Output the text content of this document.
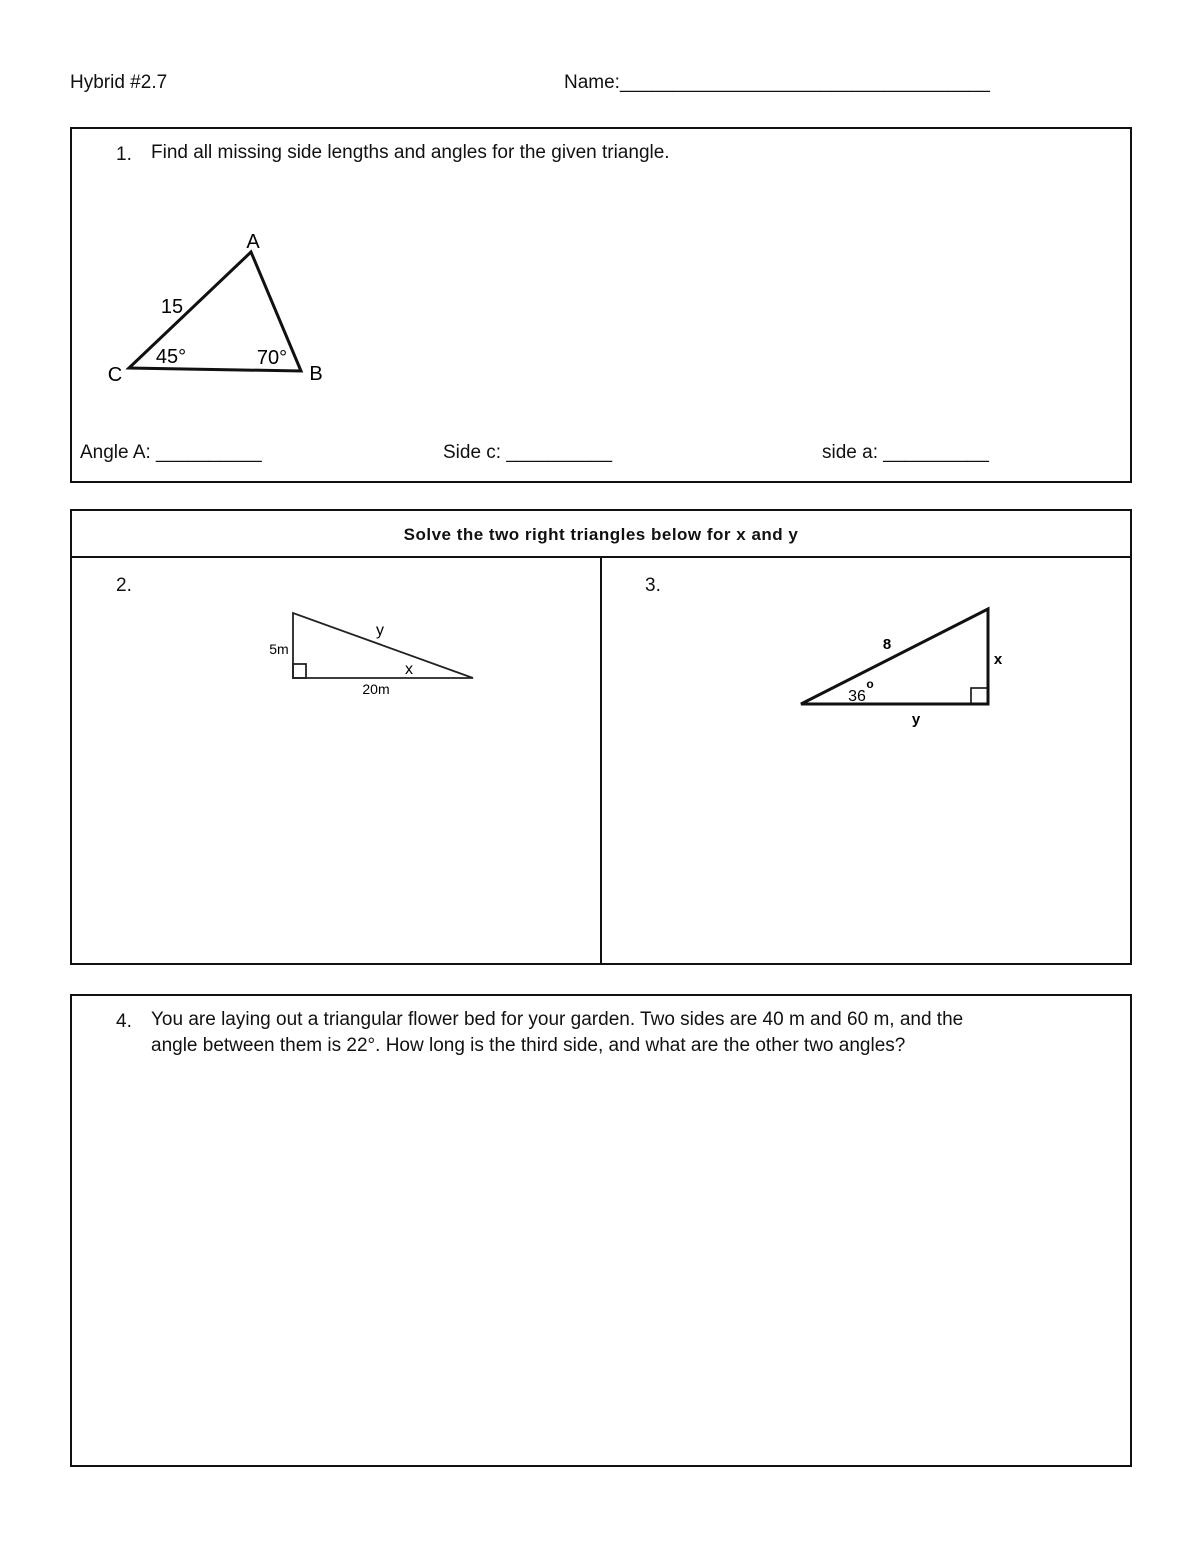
Hybrid #2.7	Name:___________________________________
1. Find all missing side lengths and angles for the given triangle.
A
B
C
15
45°	70°
Angle A: __________	Side c: __________	side a: __________
Solve the two right triangles below for x and y
2.	3.
y
5m
20m
x
8
x
y
36
o
4. You are laying out a triangular flower bed for your garden. Two sides are 40 m and 60 m, and the
angle between them is 22°. How long is the third side, and what are the other two angles?
